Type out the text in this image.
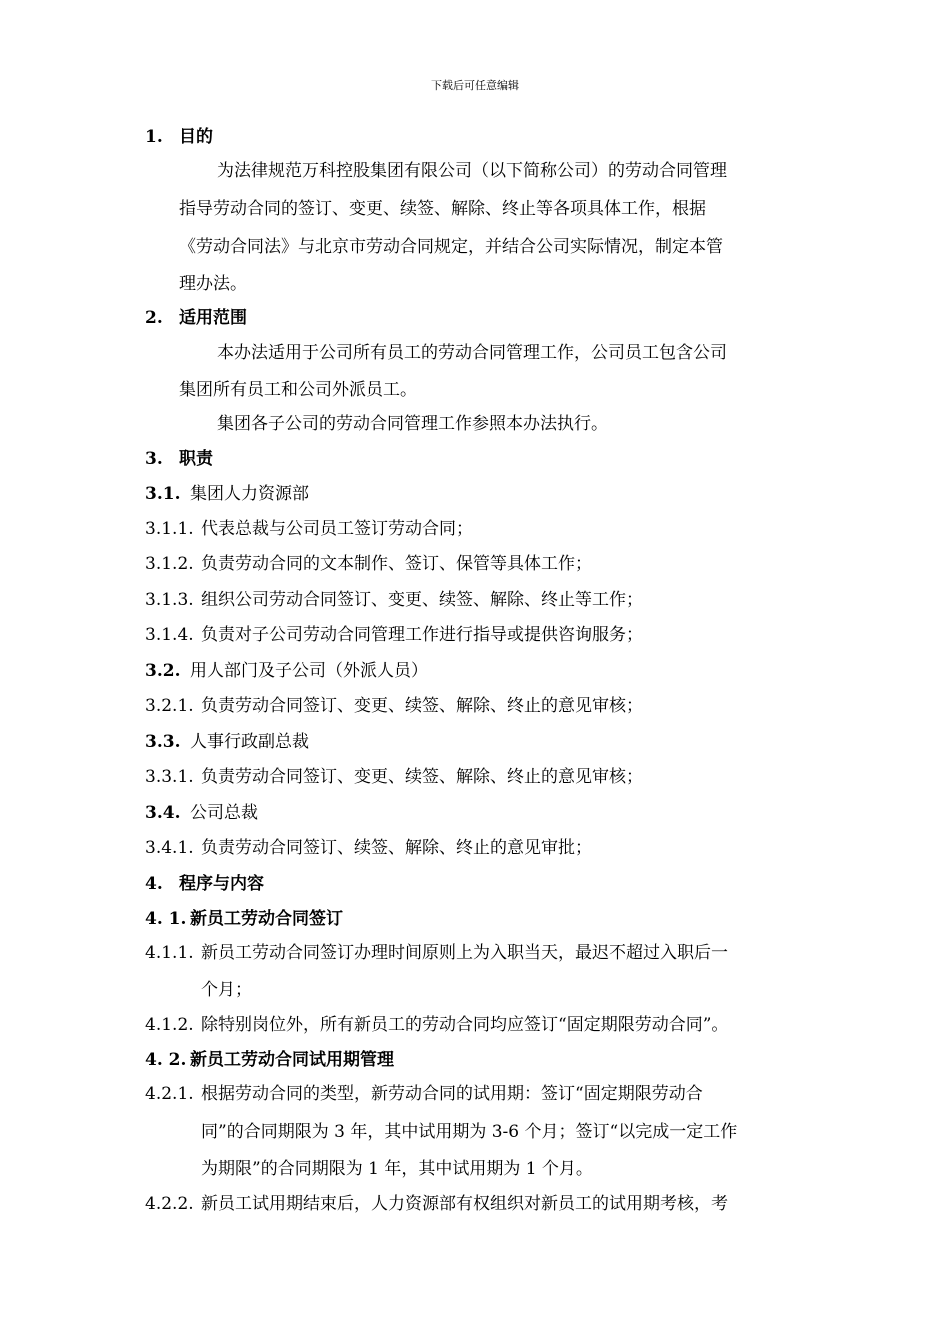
下载后可任意编辑
1. 目的
为法律规范万科控股集团有限公司（以下简称公司）的劳动合同管理
指导劳动合同的签订、变更、续签、解除、终止等各项具体工作，根据
《劳动合同法》与北京市劳动合同规定，并结合公司实际情况，制定本管
理办法。
2. 适用范围
本办法适用于公司所有员工的劳动合同管理工作，公司员工包含公司
集团所有员工和公司外派员工。
集团各子公司的劳动合同管理工作参照本办法执行。
3. 职责
3.1. 集团人力资源部
3.1.1. 代表总裁与公司员工签订劳动合同；
3.1.2. 负责劳动合同的文本制作、签订、保管等具体工作；
3.1.3. 组织公司劳动合同签订、变更、续签、解除、终止等工作；
3.1.4. 负责对子公司劳动合同管理工作进行指导或提供咨询服务；
3.2. 用人部门及子公司（外派人员）
3.2.1. 负责劳动合同签订、变更、续签、解除、终止的意见审核；
3.3. 人事行政副总裁
3.3.1. 负责劳动合同签订、变更、续签、解除、终止的意见审核；
3.4. 公司总裁
3.4.1. 负责劳动合同签订、续签、解除、终止的意见审批；
4. 程序与内容
4. 1. 新员工劳动合同签订
4.1.1. 新员工劳动合同签订办理时间原则上为入职当天，最迟不超过入职后一
个月；
4.1.2. 除特别岗位外，所有新员工的劳动合同均应签订“固定期限劳动合同”。
4. 2. 新员工劳动合同试用期管理
4.2.1. 根据劳动合同的类型，新劳动合同的试用期：签订“固定期限劳动合
同”的合同期限为 3 年，其中试用期为 3-6 个月；签订“以完成一定工作
为期限”的合同期限为 1 年，其中试用期为 1 个月。
4.2.2. 新员工试用期结束后，人力资源部有权组织对新员工的试用期考核，考
